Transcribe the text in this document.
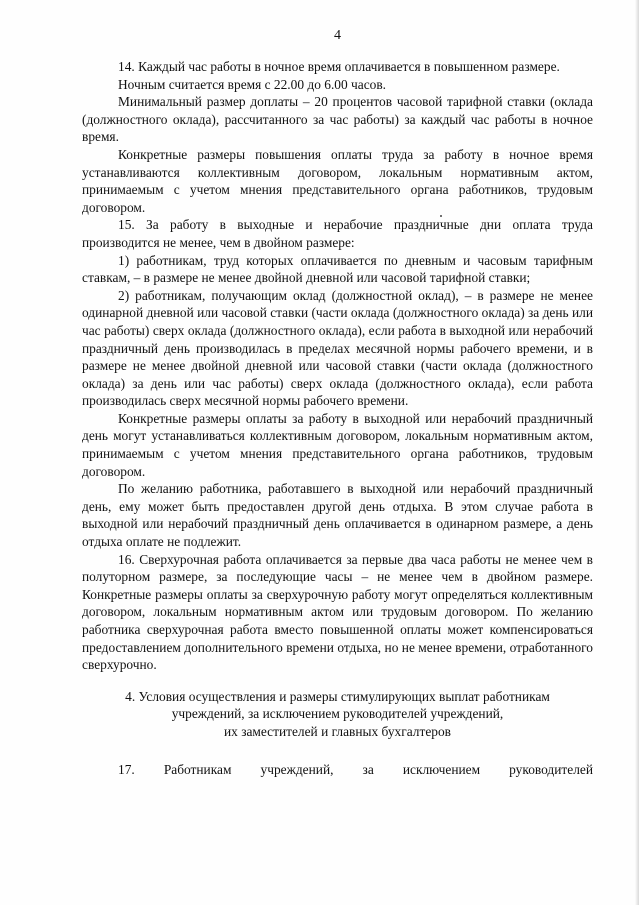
4

14. Каждый час работы в ночное время оплачивается в повышенном размере.

Ночным считается время с 22.00 до 6.00 часов.

Минимальный размер доплаты – 20 процентов часовой тарифной ставки (оклада (должностного оклада), рассчитанного за час работы) за каждый час работы в ночное время.

Конкретные размеры повышения оплаты труда за работу в ночное время устанавливаются коллективным договором, локальным нормативным актом, принимаемым с учетом мнения представительного органа работников, трудовым договором.

15. За работу в выходные и нерабочие праздничные дни оплата труда производится не менее, чем в двойном размере:

1) работникам, труд которых оплачивается по дневным и часовым тарифным ставкам, – в размере не менее двойной дневной или часовой тарифной ставки;

2) работникам, получающим оклад (должностной оклад), – в размере не менее одинарной дневной или часовой ставки (части оклада (должностного оклада) за день или час работы) сверх оклада (должностного оклада), если работа в выходной или нерабочий праздничный день производилась в пределах месячной нормы рабочего времени, и в размере не менее двойной дневной или часовой ставки (части оклада (должностного оклада) за день или час работы) сверх оклада (должностного оклада), если работа производилась сверх месячной нормы рабочего времени.

Конкретные размеры оплаты за работу в выходной или нерабочий праздничный день могут устанавливаться коллективным договором, локальным нормативным актом, принимаемым с учетом мнения представительного органа работников, трудовым договором.

По желанию работника, работавшего в выходной или нерабочий праздничный день, ему может быть предоставлен другой день отдыха. В этом случае работа в выходной или нерабочий праздничный день оплачивается в одинарном размере, а день отдыха оплате не подлежит.

16. Сверхурочная работа оплачивается за первые два часа работы не менее чем в полуторном размере, за последующие часы – не менее чем в двойном размере. Конкретные размеры оплаты за сверхурочную работу могут определяться коллективным договором, локальным нормативным актом или трудовым договором. По желанию работника сверхурочная работа вместо повышенной оплаты может компенсироваться предоставлением дополнительного времени отдыха, но не менее времени, отработанного сверхурочно.

4. Условия осуществления и размеры стимулирующих выплат работникам
учреждений, за исключением руководителей учреждений,
их заместителей и главных бухгалтеров

17. Работникам учреждений, за исключением руководителей
